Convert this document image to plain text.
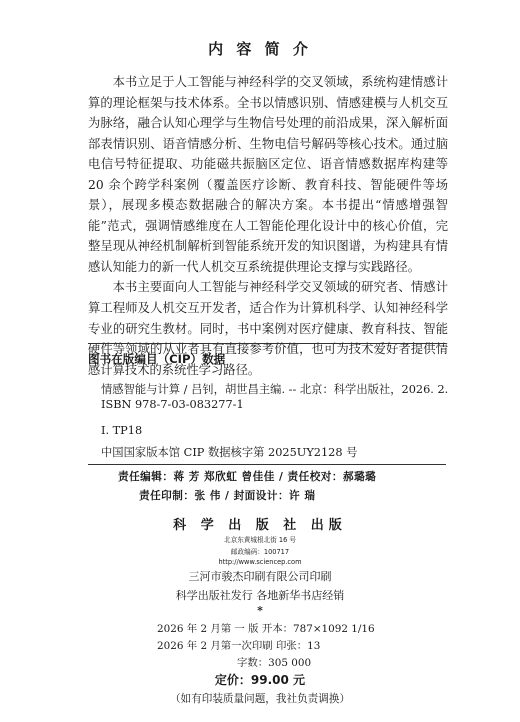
内 容 简 介

本书立足于人工智能与神经科学的交叉领域，系统构建情感计算的理论框架与技术体系。全书以情感识别、情感建模与人机交互为脉络，融合认知心理学与生物信号处理的前沿成果，深入解析面部表情识别、语音情感分析、生物电信号解码等核心技术。通过脑电信号特征提取、功能磁共振脑区定位、语音情感数据库构建等 20 余个跨学科案例（覆盖医疗诊断、教育科技、智能硬件等场景），展现多模态数据融合的解决方案。本书提出“情感增强智能”范式，强调情感维度在人工智能伦理化设计中的核心价值，完整呈现从神经机制解析到智能系统开发的知识图谱，为构建具有情感认知能力的新一代人机交互系统提供理论支撑与实践路径。

本书主要面向人工智能与神经科学交叉领域的研究者、情感计算工程师及人机交互开发者，适合作为计算机科学、认知神经科学专业的研究生教材。同时，书中案例对医疗健康、教育科技、智能硬件等领域的从业者具有直接参考价值，也可为技术爱好者提供情感计算技术的系统性学习路径。

图书在版编目（CIP）数据
情感智能与计算 / 吕钊，胡世昌主编. -- 北京：科学出版社，2026. 2.
ISBN 978-7-03-083277-1
Ⅰ. TP18
中国国家版本馆 CIP 数据核字第 2025UY2128 号
责任编辑：蒋 芳 郑欣虹 曾佳佳 / 责任校对：郝璐璐
责任印制：张 伟 / 封面设计：许 瑞
科 学 出 版 社 出版
北京东黄城根北街 16 号
邮政编码：100717
http://www.sciencep.com
三河市骏杰印刷有限公司印刷
科学出版社发行 各地新华书店经销
*
2026 年 2 月第 一 版 开本：787×1092 1/16
2026 年 2 月第一次印刷 印张：13
字数：305 000
定价：99.00 元
（如有印装质量问题，我社负责调换）
